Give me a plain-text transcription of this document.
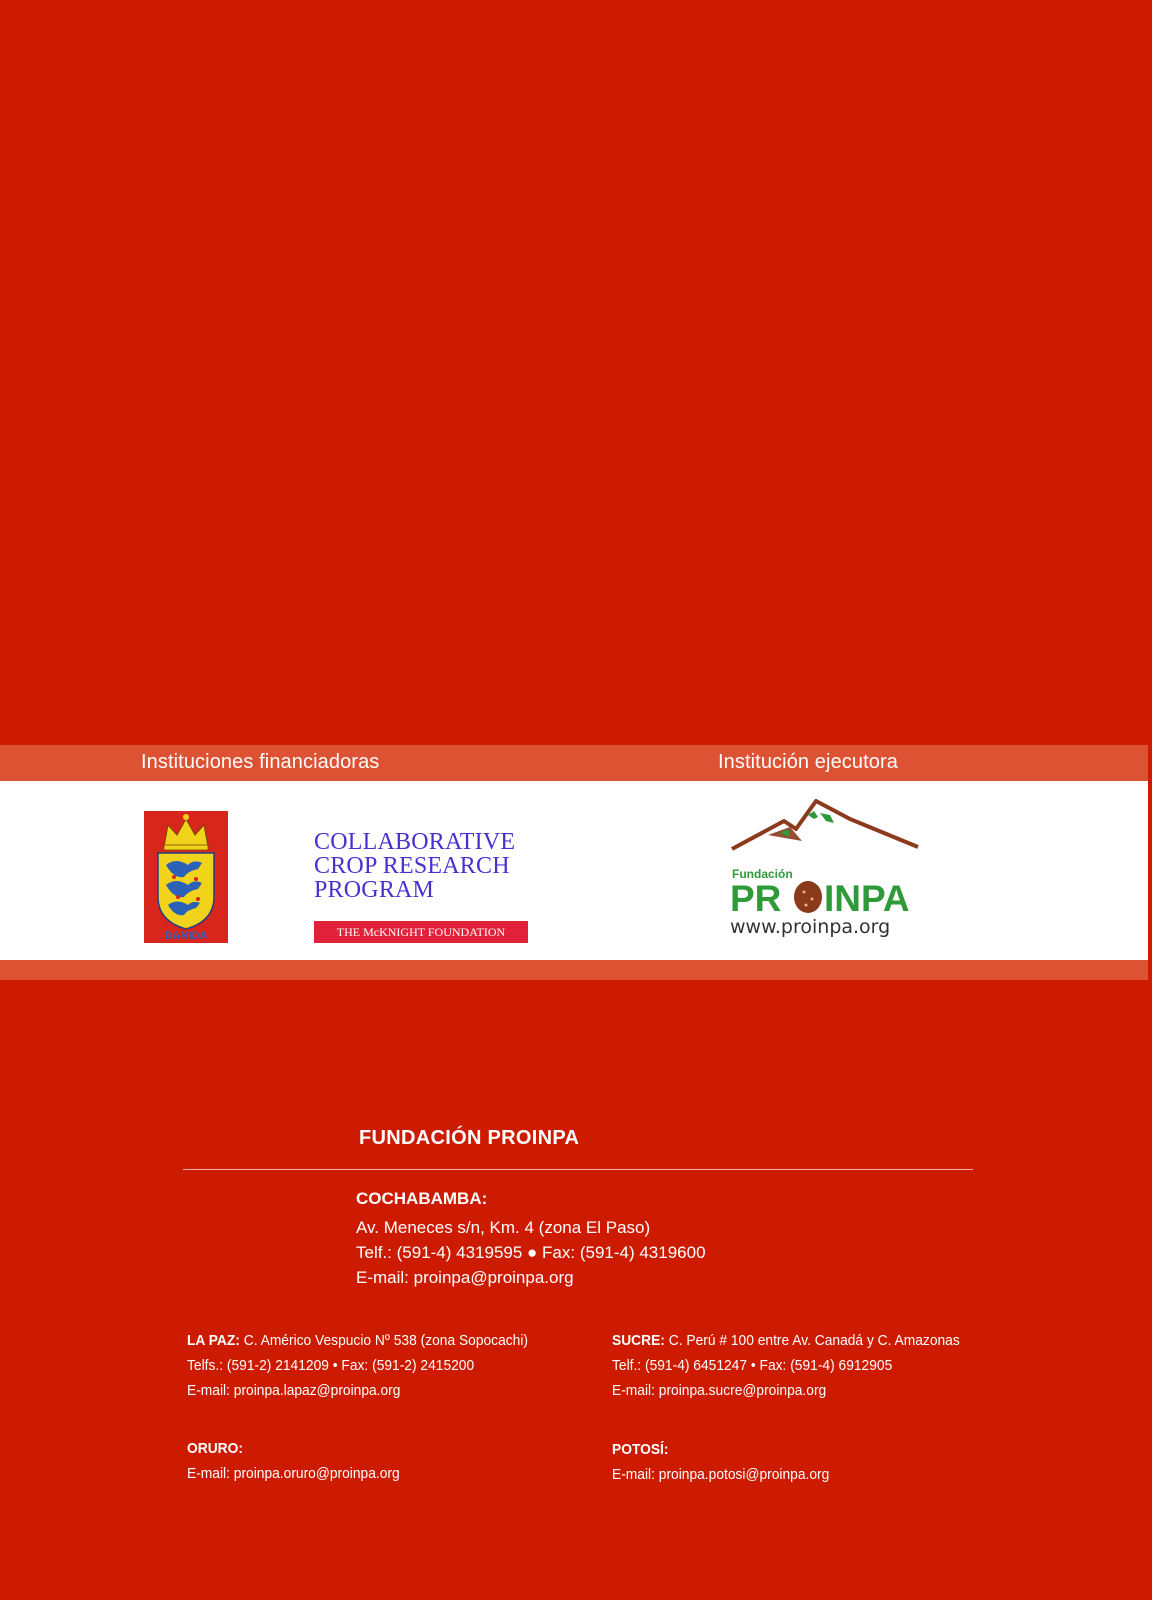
Instituciones financiadoras	Institución ejecutora
DANIDA
COLLABORATIVE
CROP RESEARCH
PROGRAM
THE McKNIGHT FOUNDATION
Fundación
PR INPA
www.proinpa.org
FUNDACIÓN PROINPA
COCHABAMBA:
Av. Meneces s/n, Km. 4 (zona El Paso)
Telf.: (591-4) 4319595 ● Fax: (591-4) 4319600
E-mail: proinpa@proinpa.org
LA PAZ: C. Américo Vespucio Nº 538 (zona Sopocachi)
Telfs.: (591-2) 2141209 • Fax: (591-2) 2415200
E-mail: proinpa.lapaz@proinpa.org
SUCRE: C. Perú # 100 entre Av. Canadá y C. Amazonas
Telf.: (591-4) 6451247 • Fax: (591-4) 6912905
E-mail: proinpa.sucre@proinpa.org
ORURO:
E-mail: proinpa.oruro@proinpa.org
POTOSÍ:
E-mail: proinpa.potosi@proinpa.org
